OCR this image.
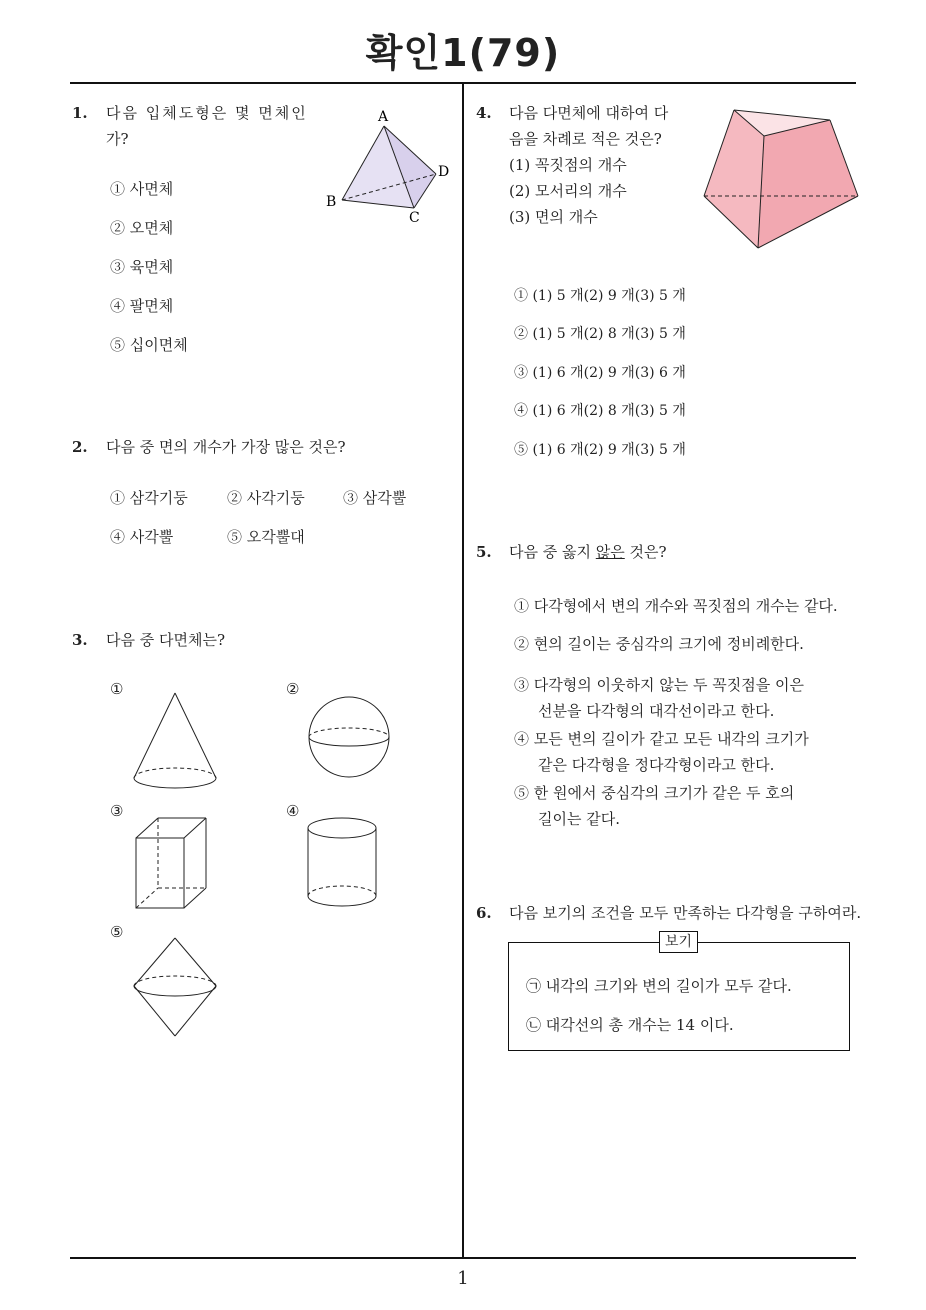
확인1(79)
1
1. 다음 입체도형은 몇 면체인
가?
A
B
C
D
① 사면체
② 오면체
③ 육면체
④ 팔면체
⑤ 십이면체
2. 다음 중 면의 개수가 가장 많은 것은?
① 삼각기둥	② 사각기둥	③ 삼각뿔
④ 사각뿔	⑤ 오각뿔대
3. 다음 중 다면체는?
①	②
③	④
⑤
4. 다음 다면체에 대하여 다
음을 차례로 적은 것은?
(1) 꼭짓점의 개수
(2) 모서리의 개수
(3) 면의 개수
① (1) 5 개(2) 9 개(3) 5 개
② (1) 5 개(2) 8 개(3) 5 개
③ (1) 6 개(2) 9 개(3) 6 개
④ (1) 6 개(2) 8 개(3) 5 개
⑤ (1) 6 개(2) 9 개(3) 5 개
5. 다음 중 옳지 않은 것은?
① 다각형에서 변의 개수와 꼭짓점의 개수는 같다.
② 현의 길이는 중심각의 크기에 정비례한다.
③ 다각형의 이웃하지 않는 두 꼭짓점을 이은
선분을 다각형의 대각선이라고 한다.
④ 모든 변의 길이가 같고 모든 내각의 크기가
같은 다각형을 정다각형이라고 한다.
⑤ 한 원에서 중심각의 크기가 같은 두 호의
길이는 같다.
6. 다음 보기의 조건을 모두 만족하는 다각형을 구하여라.
보기
㉠ 내각의 크기와 변의 길이가 모두 같다.
㉡ 대각선의 총 개수는 14 이다.
